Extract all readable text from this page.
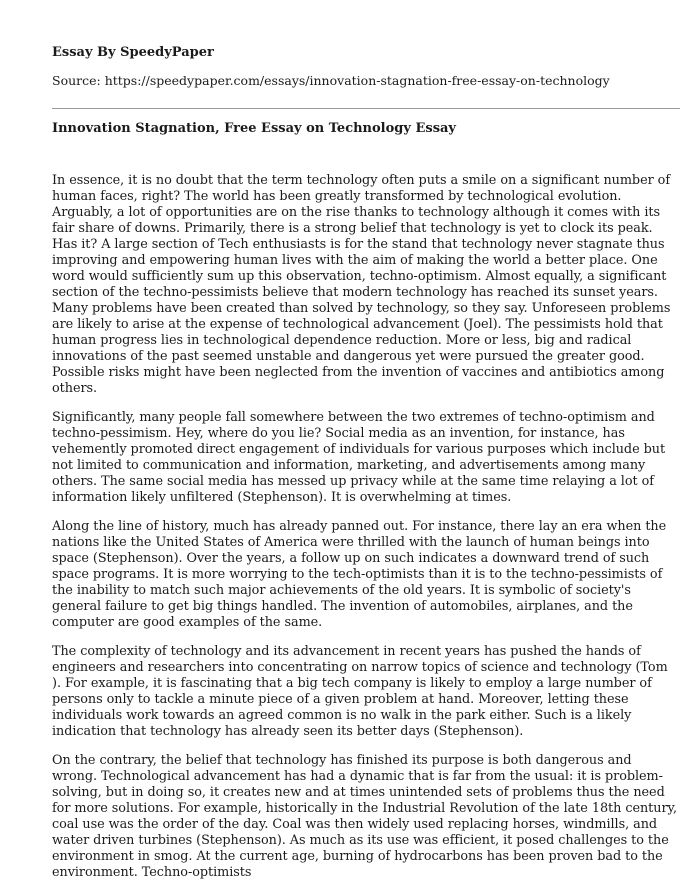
Essay By SpeedyPaper
Source: https://speedypaper.com/essays/innovation-stagnation-free-essay-on-technology
Innovation Stagnation, Free Essay on Technology Essay

In essence, it is no doubt that the term technology often puts a smile on a significant number of human faces, right? The world has been greatly transformed by technological evolution. Arguably, a lot of opportunities are on the rise thanks to technology although it comes with its fair share of downs. Primarily, there is a strong belief that technology is yet to clock its peak. Has it? A large section of Tech enthusiasts is for the stand that technology never stagnate thus improving and empowering human lives with the aim of making the world a better place. One word would sufficiently sum up this observation, techno-optimism. Almost equally, a significant section of the techno-pessimists believe that modern technology has reached its sunset years. Many problems have been created than solved by technology, so they say. Unforeseen problems are likely to arise at the expense of technological advancement (Joel). The pessimists hold that human progress lies in technological dependence reduction. More or less, big and radical innovations of the past seemed unstable and dangerous yet were pursued the greater good. Possible risks might have been neglected from the invention of vaccines and antibiotics among others.

Significantly, many people fall somewhere between the two extremes of techno-optimism and techno-pessimism. Hey, where do you lie? Social media as an invention, for instance, has vehemently promoted direct engagement of individuals for various purposes which include but not limited to communication and information, marketing, and advertisements among many others. The same social media has messed up privacy while at the same time relaying a lot of information likely unfiltered (Stephenson). It is overwhelming at times.

Along the line of history, much has already panned out. For instance, there lay an era when the nations like the United States of America were thrilled with the launch of human beings into space (Stephenson). Over the years, a follow up on such indicates a downward trend of such space programs. It is more worrying to the tech-optimists than it is to the techno-pessimists of the inability to match such major achievements of the old years. It is symbolic of society's general failure to get big things handled. The invention of automobiles, airplanes, and the computer are good examples of the same.

The complexity of technology and its advancement in recent years has pushed the hands of engineers and researchers into concentrating on narrow topics of science and technology (Tom ). For example, it is fascinating that a big tech company is likely to employ a large number of persons only to tackle a minute piece of a given problem at hand. Moreover, letting these individuals work towards an agreed common is no walk in the park either. Such is a likely indication that technology has already seen its better days (Stephenson).

On the contrary, the belief that technology has finished its purpose is both dangerous and wrong. Technological advancement has had a dynamic that is far from the usual: it is problem-solving, but in doing so, it creates new and at times unintended sets of problems thus the need for more solutions. For example, historically in the Industrial Revolution of the late 18th century, coal use was the order of the day. Coal was then widely used replacing horses, windmills, and water driven turbines (Stephenson). As much as its use was efficient, it posed challenges to the environment in smog. At the current age, burning of hydrocarbons has been proven bad to the environment. Techno-optimists
